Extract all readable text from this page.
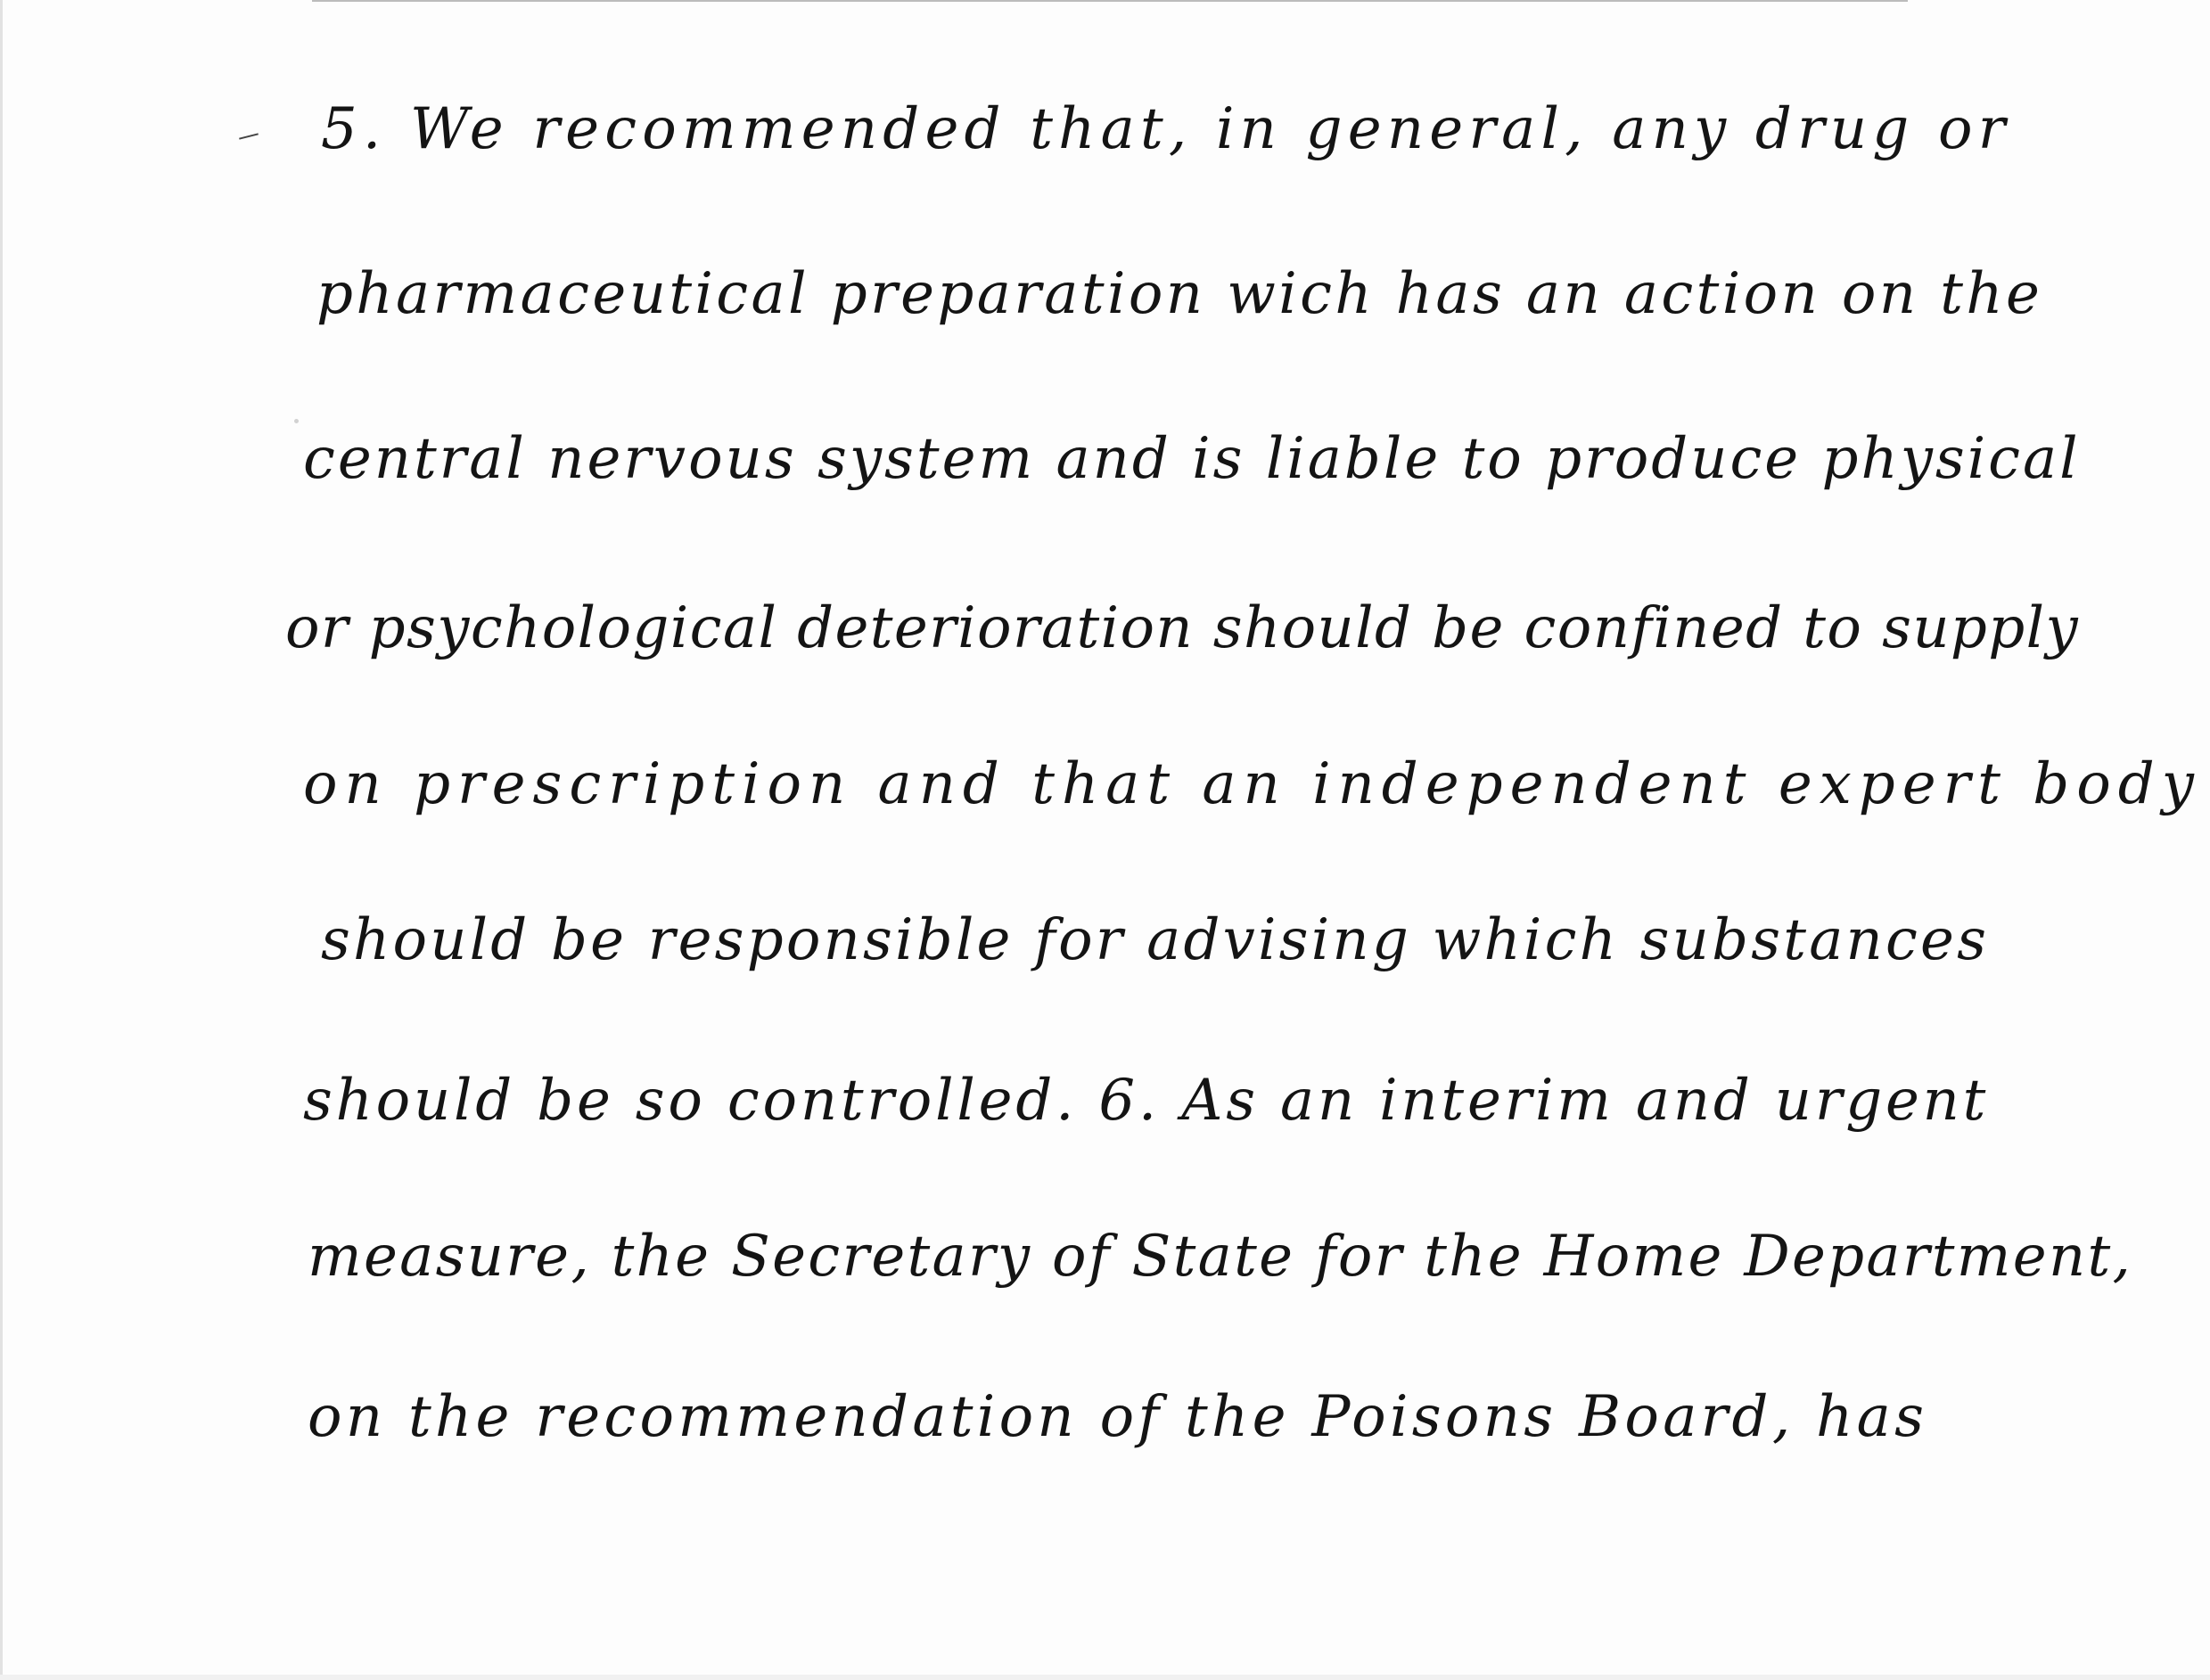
5. We recommended that, in general, any drug or

pharmaceutical preparation wich has an action on the

central nervous system and is liable to produce physical

or psychological deterioration should be confined to supply

on prescription and that an independent expert body

should be responsible for advising which substances

should be so controlled. 6. As an interim and urgent

measure, the Secretary of State for the Home Department,

on the recommendation of the Poisons Board, has
